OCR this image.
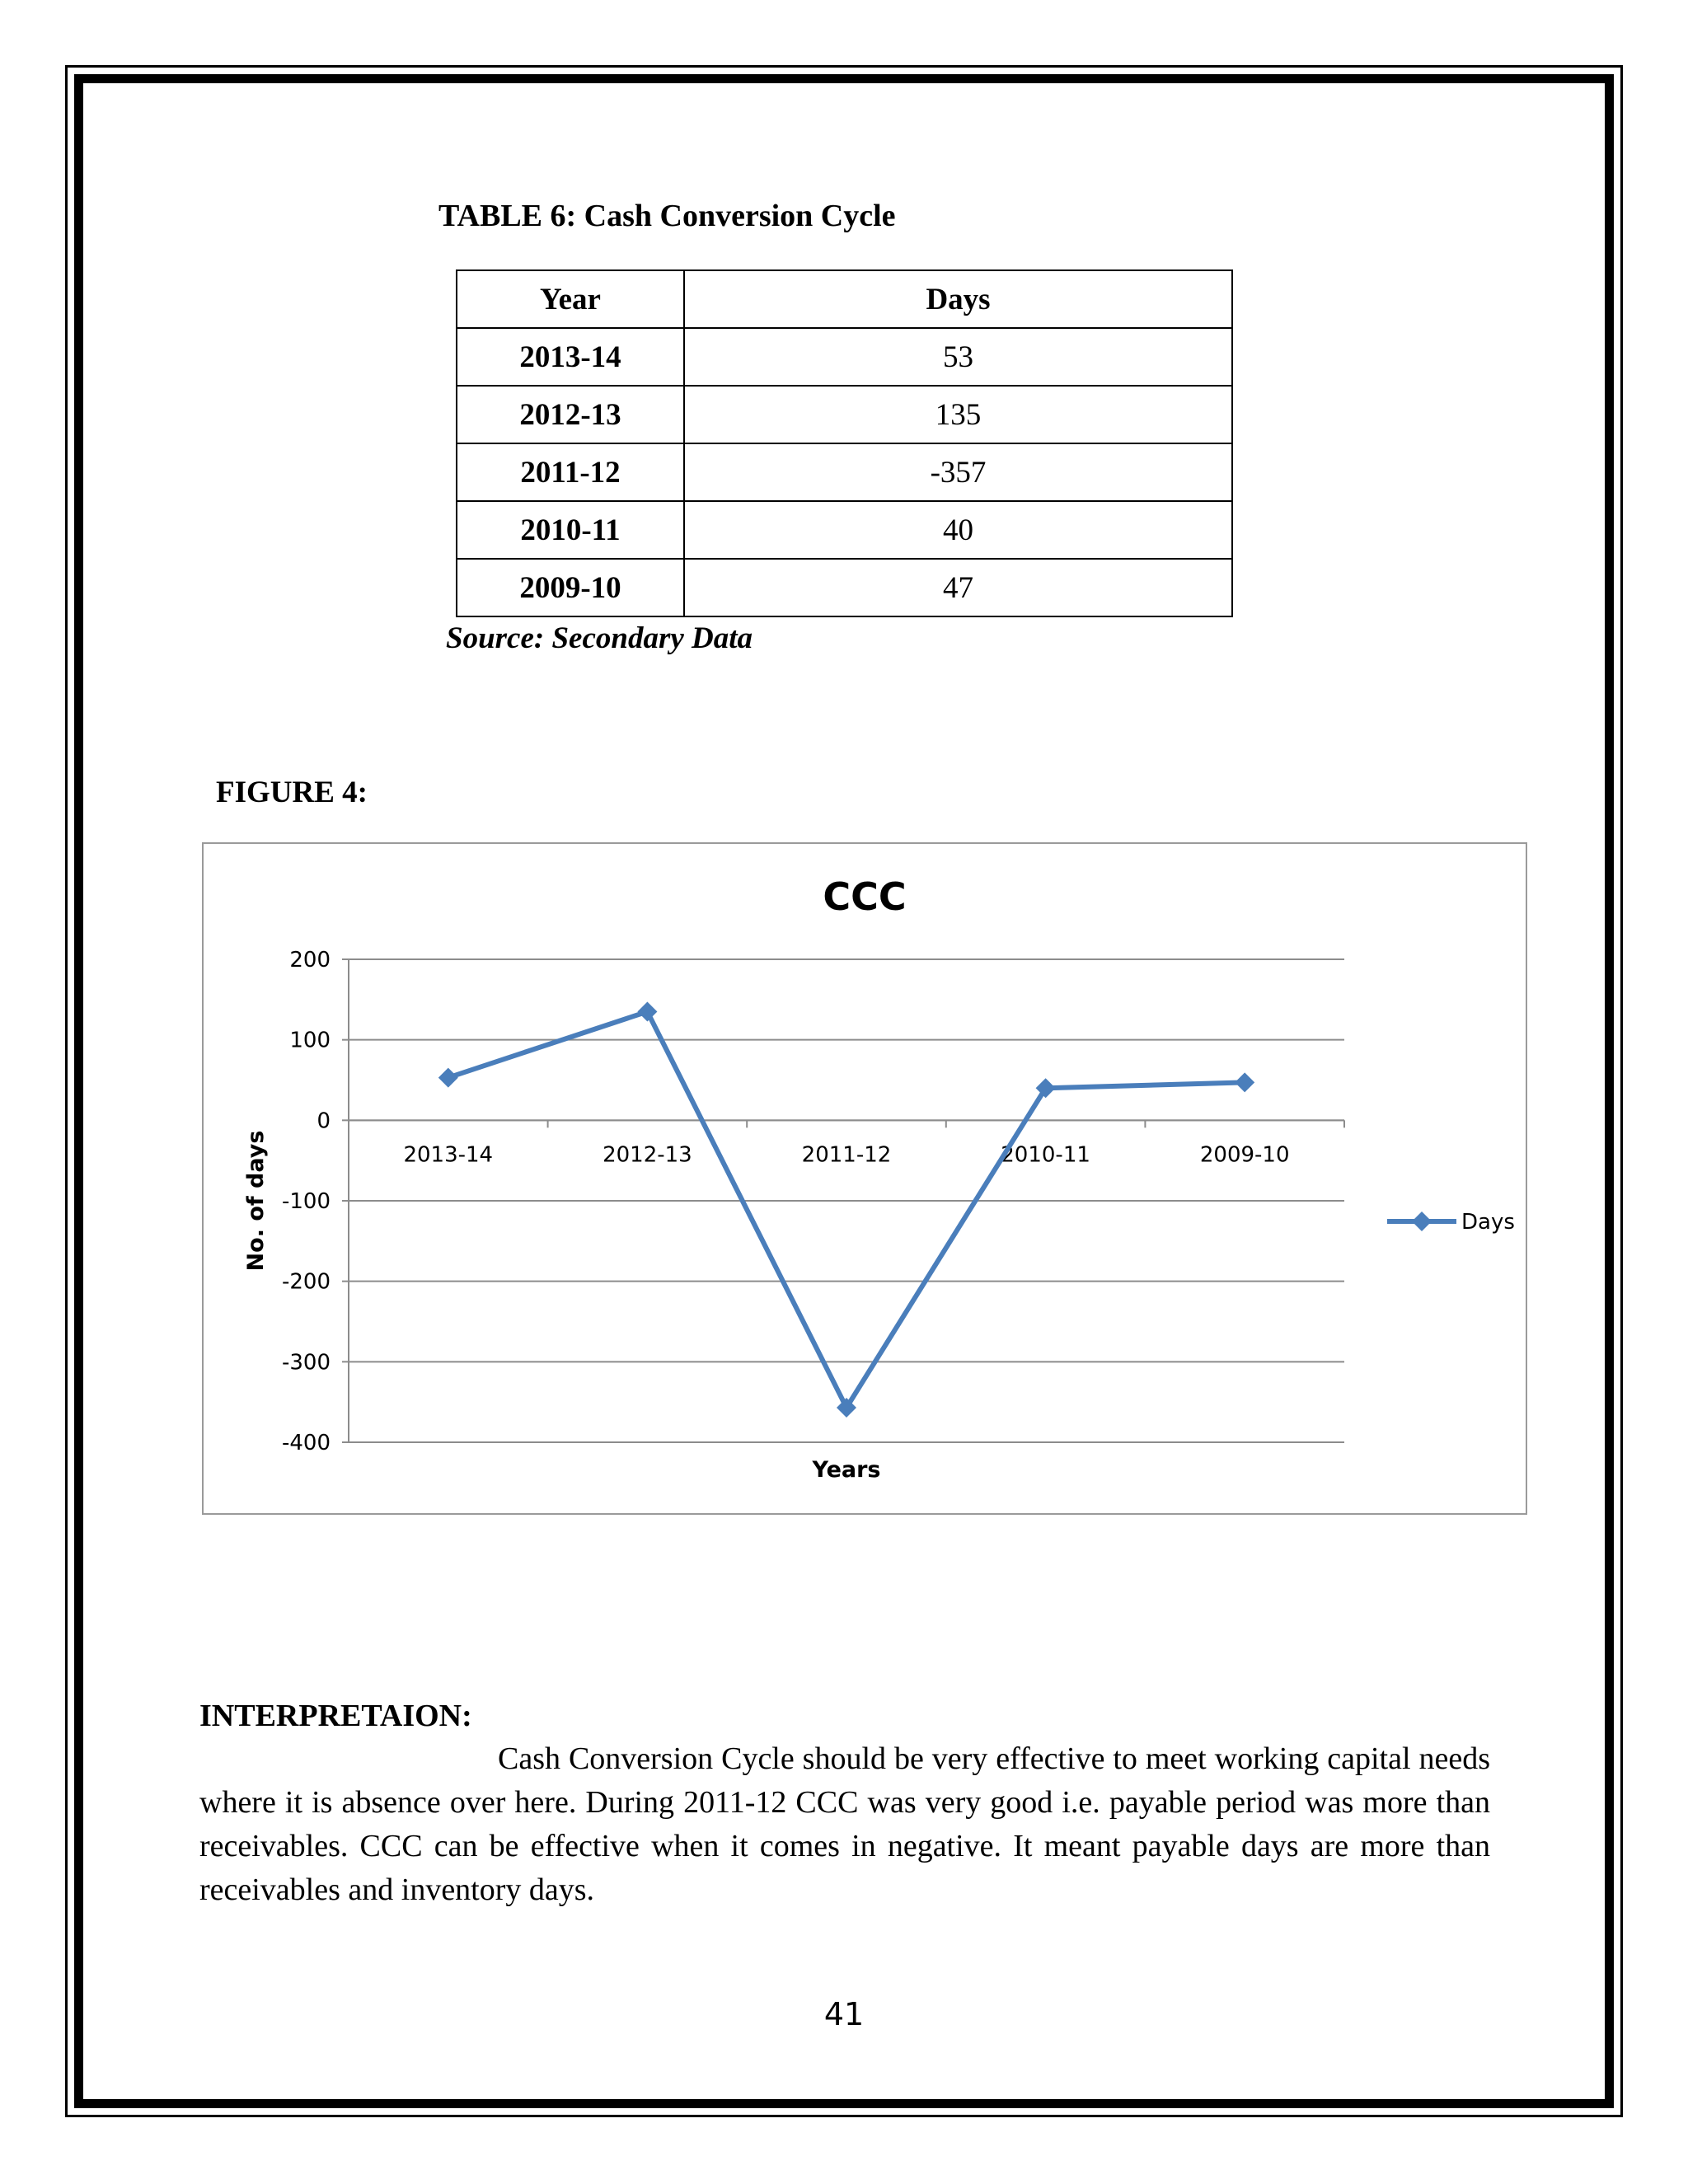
TABLE 6: Cash Conversion Cycle
Year	Days
2013-14	53
2012-13	135
2011-12	-357
2010-11	40
2009-10	47
Source: Secondary Data
FIGURE 4:
CCC
200
100
0
-100
-200
-300
-400
2013-14	2012-13	2011-12	2010-11	2009-10
Years
No. of days	Days
INTERPRETAION:

Cash Conversion Cycle should be very effective to meet working capital needs where it is absence over here. During 2011-12 CCC was very good i.e. payable period was more than receivables. CCC can be effective when it comes in negative. It meant payable days are more than receivables and inventory days.

41
